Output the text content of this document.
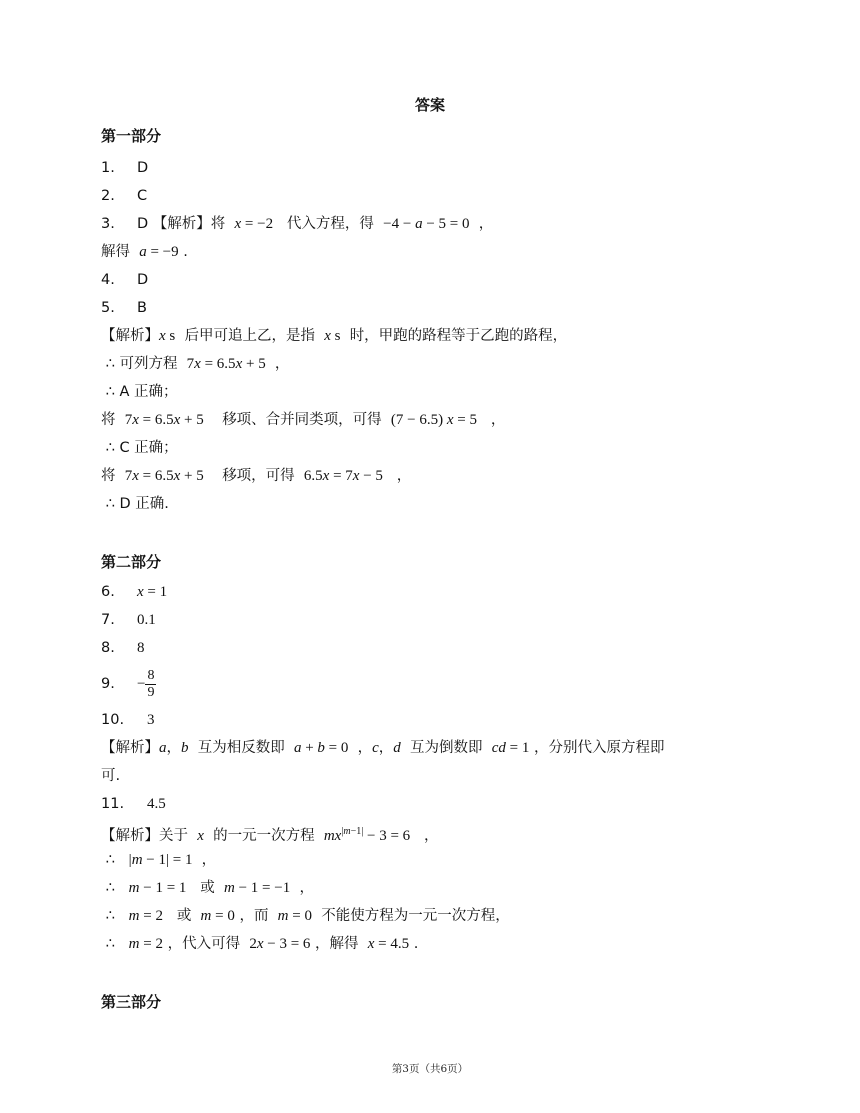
答案
第一部分
1. D
2. C
3. D 【解析】将 x = −2 代入方程，得 −4 − a − 5 = 0 ，
解得 a = −9 .
4. D
5. B
【解析】x s 后甲可追上乙，是指 x s 时，甲跑的路程等于乙跑的路程，
∴ 可列方程 7x = 6.5x + 5 ，
∴ A 正确；
将 7x = 6.5x + 5 移项、合并同类项，可得 (7 − 6.5) x = 5 ，
∴ C 正确；
将 7x = 6.5x + 5 移项，可得 6.5x = 7x − 5 ，
∴ D 正确.
第二部分
6. x = 1
7. 0.1
8. 8
9. − $\frac{8}{9}$
10. 3
【解析】a，b 互为相反数即 a + b = 0  ，c，d 互为倒数即 cd = 1 ，分别代入原方程即
可.
11. 4.5
【解析】关于 x 的一元一次方程 $mx^{|m-1|} - 3 = 6$ ，
∴ |m − 1| = 1 ，
∴ m − 1 = 1 或 m − 1 = −1 ，
∴ m = 2 或 m = 0 ，而 m = 0 不能使方程为一元一次方程，
∴ m = 2 ，代入可得 2x − 3 = 6 ，解得 x = 4.5 .
第三部分
第3页（共6页）
